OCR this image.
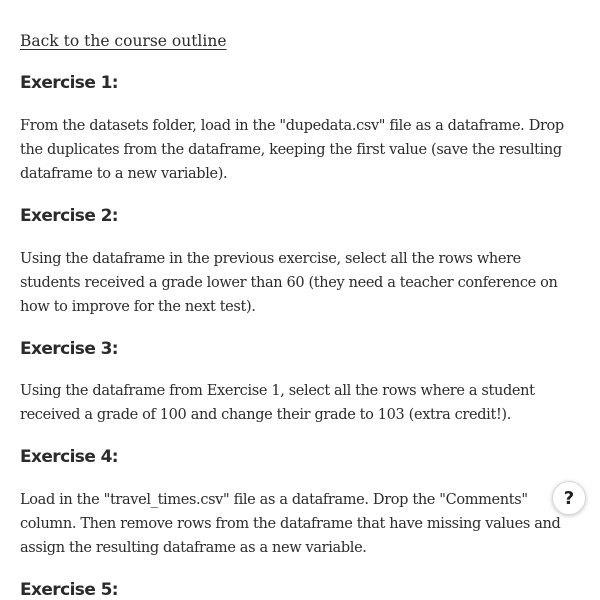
Back to the course outline
Exercise 1:

From the datasets folder, load in the "dupedata.csv" file as a dataframe. Drop the duplicates from the dataframe, keeping the first value (save the resulting dataframe to a new variable).

Exercise 2:

Using the dataframe in the previous exercise, select all the rows where students received a grade lower than 60 (they need a teacher conference on how to improve for the next test).

Exercise 3:

Using the dataframe from Exercise 1, select all the rows where a student received a grade of 100 and change their grade to 103 (extra credit!).

Exercise 4:

Load in the "travel_times.csv" file as a dataframe. Drop the "Comments" column. Then remove rows from the dataframe that have missing values and assign the resulting dataframe as a new variable.

Exercise 5:
?
